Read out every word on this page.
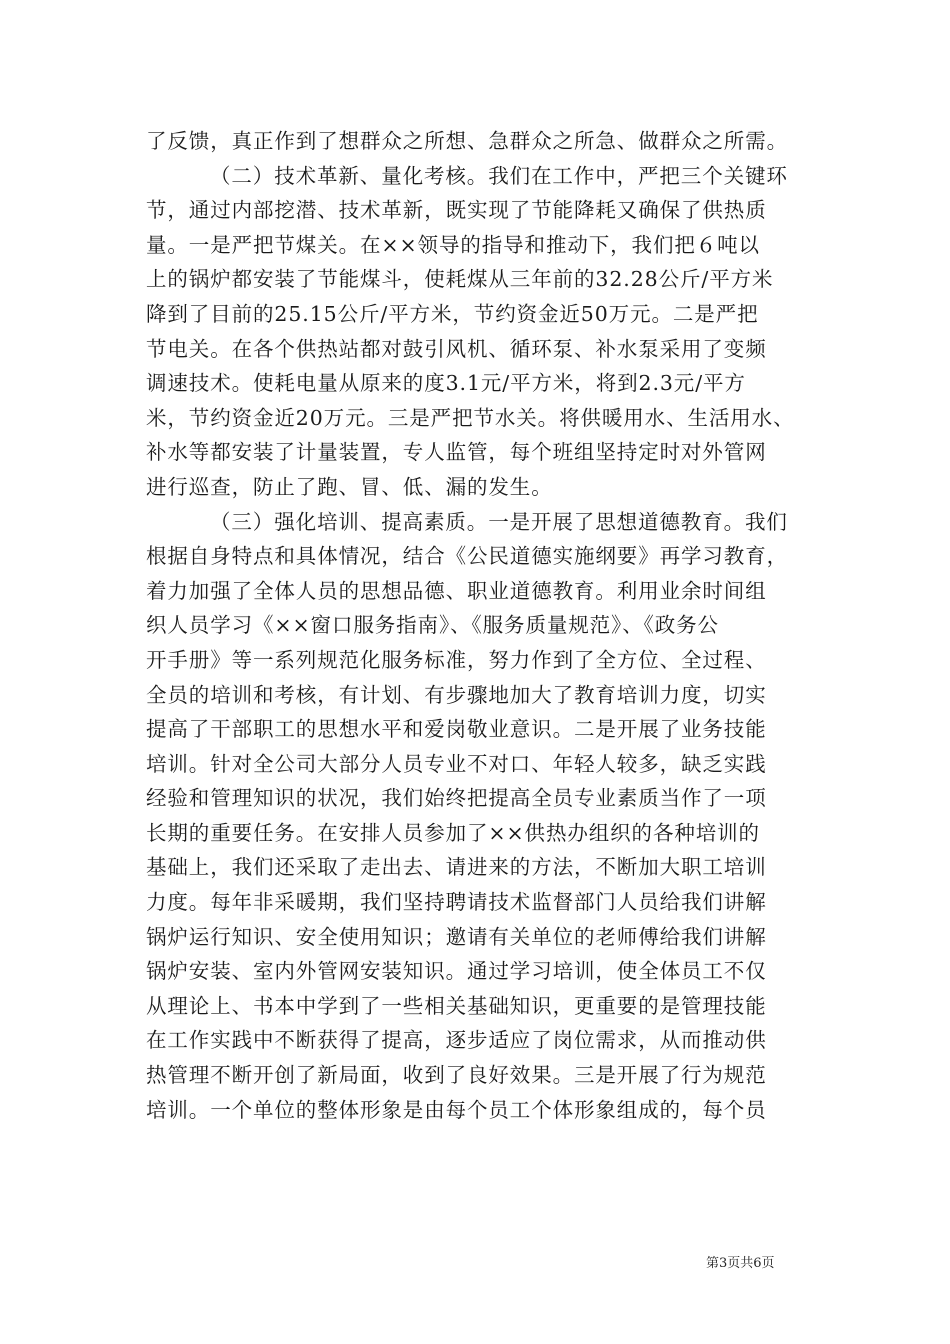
了反馈，真正作到了想群众之所想、急群众之所急、做群众之所需。
（二）技术革新、量化考核。我们在工作中，严把三个关键环
节，通过内部挖潜、技术革新，既实现了节能降耗又确保了供热质
量。一是严把节煤关。在××领导的指导和推动下，我们把６吨以
上的锅炉都安装了节能煤斗，使耗煤从三年前的32.28公斤/平方米
降到了目前的25.15公斤/平方米，节约资金近50万元。二是严把
节电关。在各个供热站都对鼓引风机、循环泵、补水泵采用了变频
调速技术。使耗电量从原来的度3.1元/平方米，将到2.3元/平方
米，节约资金近20万元。三是严把节水关。将供暖用水、生活用水、
补水等都安装了计量装置，专人监管，每个班组坚持定时对外管网
进行巡查，防止了跑、冒、低、漏的发生。
（三）强化培训、提高素质。一是开展了思想道德教育。我们
根据自身特点和具体情况，结合《公民道德实施纲要》再学习教育，
着力加强了全体人员的思想品德、职业道德教育。利用业余时间组
织人员学习《××窗口服务指南》、《服务质量规范》、《政务公
开手册》等一系列规范化服务标准，努力作到了全方位、全过程、
全员的培训和考核，有计划、有步骤地加大了教育培训力度，切实
提高了干部职工的思想水平和爱岗敬业意识。二是开展了业务技能
培训。针对全公司大部分人员专业不对口、年轻人较多，缺乏实践
经验和管理知识的状况，我们始终把提高全员专业素质当作了一项
长期的重要任务。在安排人员参加了××供热办组织的各种培训的
基础上，我们还采取了走出去、请进来的方法，不断加大职工培训
力度。每年非采暖期，我们坚持聘请技术监督部门人员给我们讲解
锅炉运行知识、安全使用知识；邀请有关单位的老师傅给我们讲解
锅炉安装、室内外管网安装知识。通过学习培训，使全体员工不仅
从理论上、书本中学到了一些相关基础知识，更重要的是管理技能
在工作实践中不断获得了提高，逐步适应了岗位需求，从而推动供
热管理不断开创了新局面，收到了良好效果。三是开展了行为规范
培训。一个单位的整体形象是由每个员工个体形象组成的，每个员
第3页共6页
